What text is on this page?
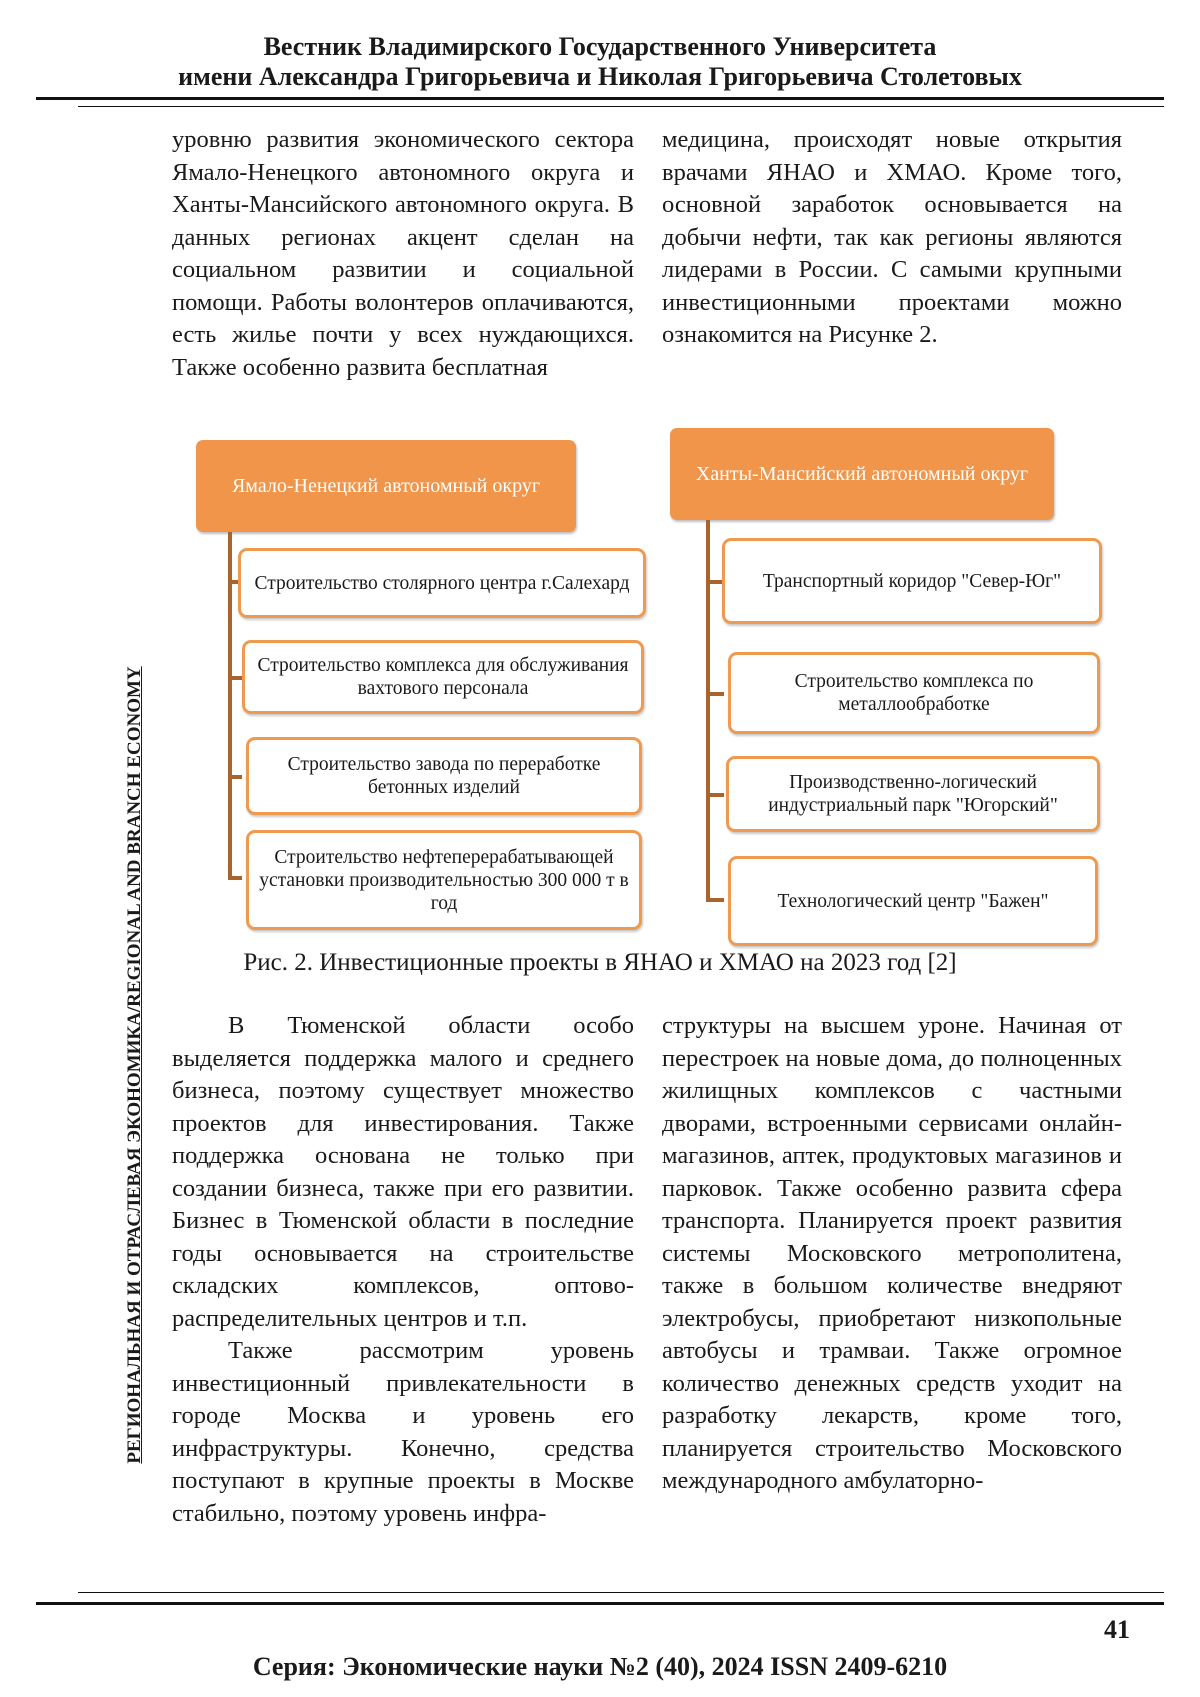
Вестник Владимирского Государственного Университета
имени Александра Григорьевича и Николая Григорьевича Столетовых
РЕГИОНАЛЬНАЯ И ОТРАСЛЕВАЯ ЭКОНОМИКА/REGIONAL AND BRANCH ECONOMY

уровню развития экономического сектора Ямало-Ненецкого автономного округа и Ханты-Мансийского автономного округа. В данных регионах акцент сделан на социальном развитии и социальной помощи. Работы волонтеров оплачиваются, есть жилье почти у всех нуждающихся. Также особенно развита бесплатная

медицина, происходят новые открытия врачами ЯНАО и ХМАО. Кроме того, основной заработок основывается на добычи нефти, так как регионы являются лидерами в России. С самыми крупными инвестиционными проектами можно ознакомится на Рисунке 2.

Ямало-Ненецкий автономный округ
Строительство столярного центра г.Салехард
Строительство комплекса для обслуживания вахтового персонала
Строительство завода по переработке бетонных изделий
Строительство нефтеперерабатывающей установки производительностью 300 000 т в год
Ханты-Мансийский автономный округ
Транспортный коридор "Север-Юг"
Строительство комплекса по металлообработке
Производственно-логический индустриальный парк "Югорский"
Технологический центр "Бажен"
Рис. 2. Инвестиционные проекты в ЯНАО и ХМАО на 2023 год [2]

В Тюменской области особо выделяется поддержка малого и среднего бизнеса, поэтому существует множество проектов для инвестирования. Также поддержка основана не только при создании бизнеса, также при его развитии. Бизнес в Тюменской области в последние годы основывается на строительстве складских комплексов, оптово-распределительных центров и т.п.

Также рассмотрим уровень инвестиционный привлекательности в городе Москва и уровень его инфраструктуры. Конечно, средства поступают в крупные проекты в Москве стабильно, поэтому уровень инфра-

структуры на высшем уроне. Начиная от перестроек на новые дома, до полноценных жилищных комплексов с частными дворами, встроенными сервисами онлайн-магазинов, аптек, продуктовых магазинов и парковок. Также особенно развита сфера транспорта. Планируется проект развития системы Московского метрополитена, также в большом количестве внедряют электробусы, приобретают низкопольные автобусы и трамваи. Также огромное количество денежных средств уходит на разработку лекарств, кроме того, планируется строительство Московского международного амбулаторно-

41
Серия: Экономические науки №2 (40), 2024 ISSN 2409-6210
